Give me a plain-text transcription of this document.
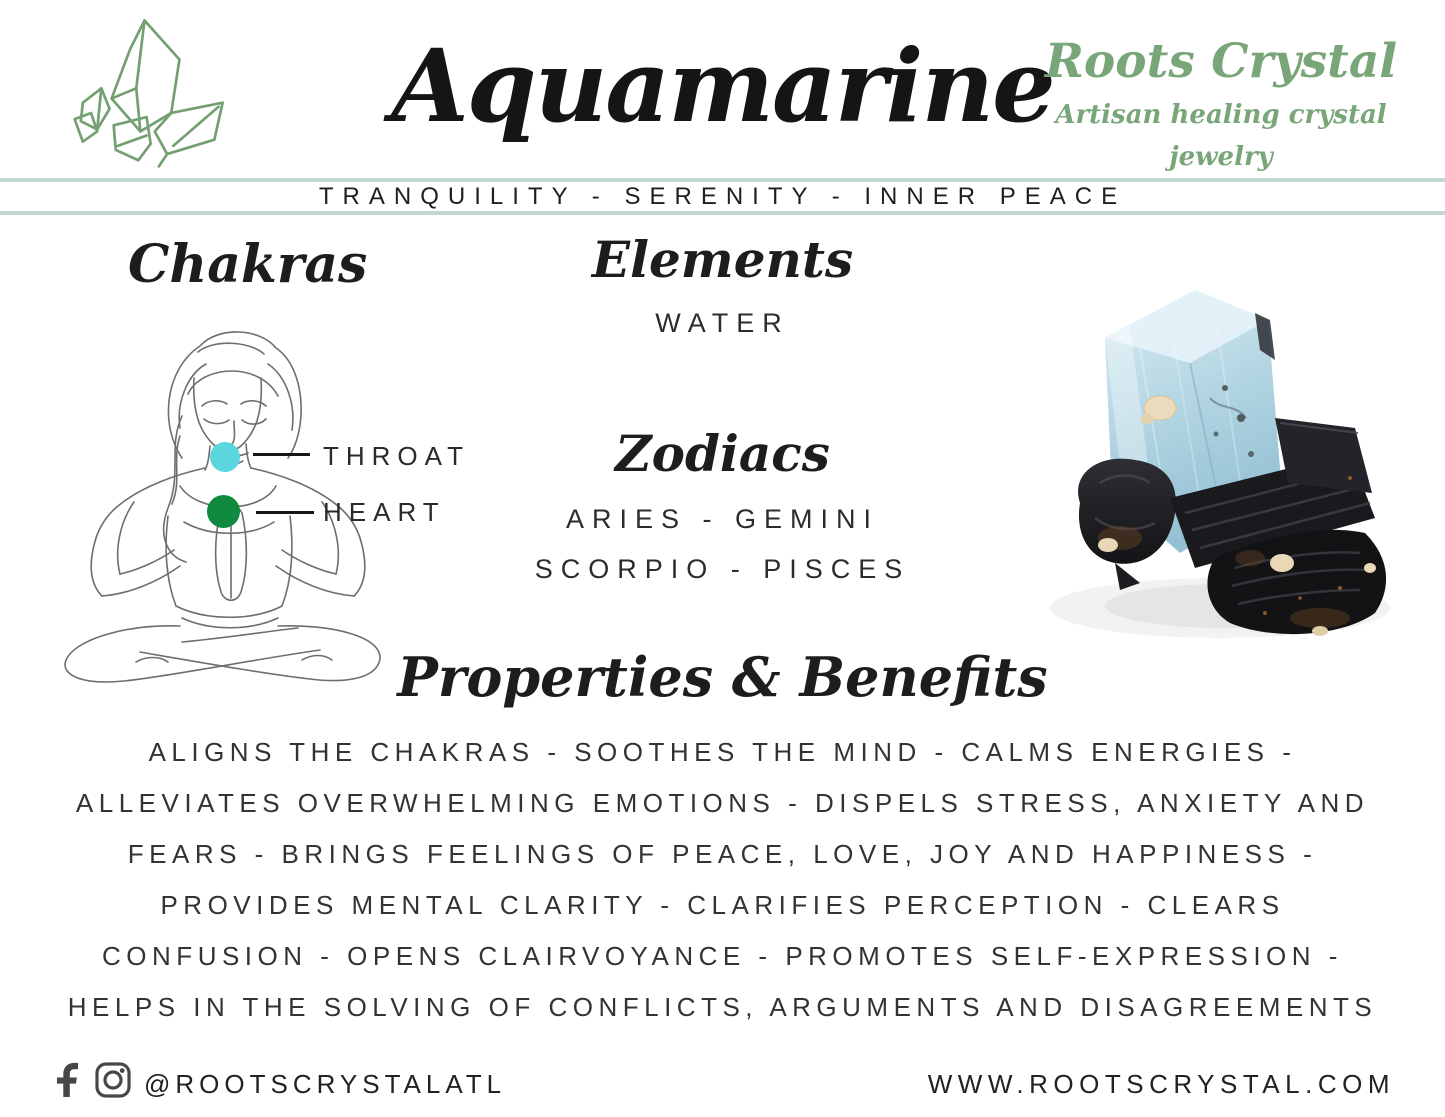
Aquamarine
Roots Crystal
Artisan healing crystal jewelry
TRANQUILITY - SERENITY - INNER PEACE
Chakras
THROAT
HEART
Elements
WATER
Zodiacs
ARIES - GEMINI
SCORPIO - PISCES
Properties & Benefits
ALIGNS THE CHAKRAS - SOOTHES THE MIND - CALMS ENERGIES -
ALLEVIATES OVERWHELMING EMOTIONS - DISPELS STRESS, ANXIETY AND
FEARS - BRINGS FEELINGS OF PEACE, LOVE, JOY AND HAPPINESS -
PROVIDES MENTAL CLARITY - CLARIFIES PERCEPTION - CLEARS
CONFUSION - OPENS CLAIRVOYANCE - PROMOTES SELF-EXPRESSION -
HELPS IN THE SOLVING OF CONFLICTS, ARGUMENTS AND DISAGREEMENTS
@ROOTSCRYSTALATL	WWW.ROOTSCRYSTAL.COM
